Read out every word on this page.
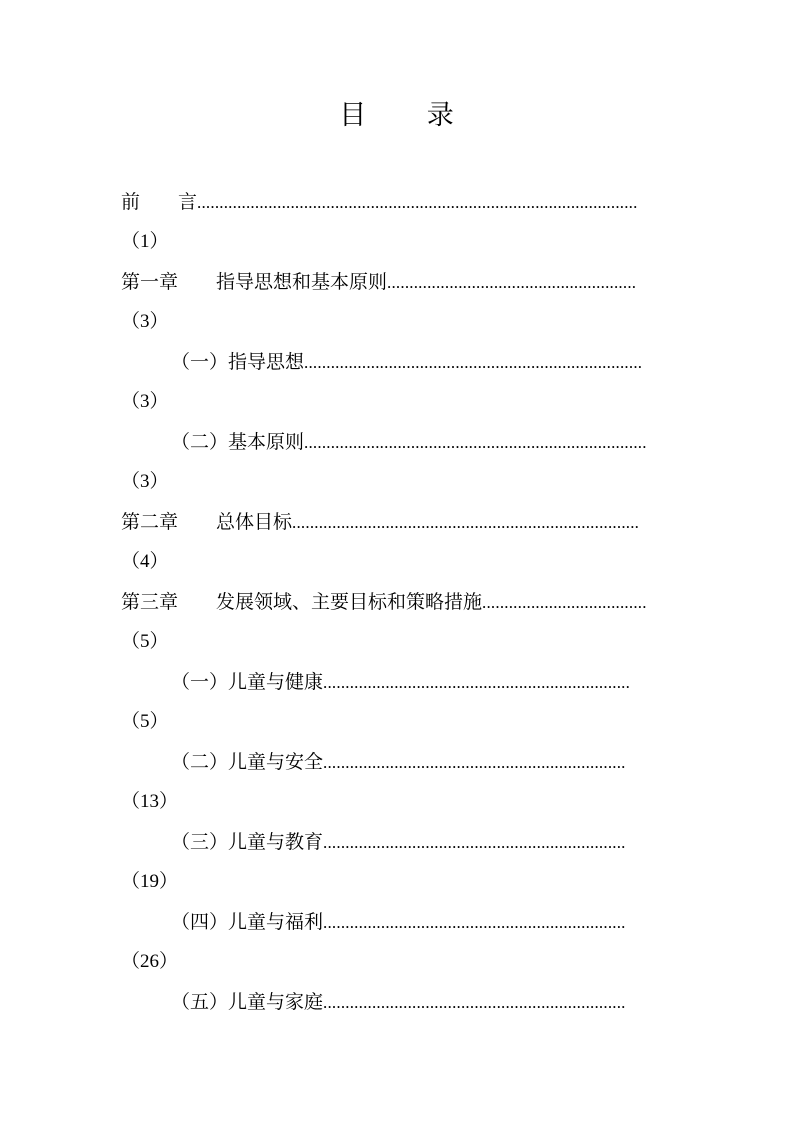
目 录
前　　言...................................................................................................
（1）
第一章　　指导思想和基本原则........................................................
（3）
（一）指导思想............................................................................
（3）
（二）基本原则.............................................................................
（3）
第二章　　总体目标..............................................................................
（4）
第三章　　发展领域、主要目标和策略措施.....................................
（5）
（一）儿童与健康.....................................................................
（5）
（二）儿童与安全....................................................................
（13）
（三）儿童与教育....................................................................
（19）
（四）儿童与福利....................................................................
（26）
（五）儿童与家庭....................................................................
